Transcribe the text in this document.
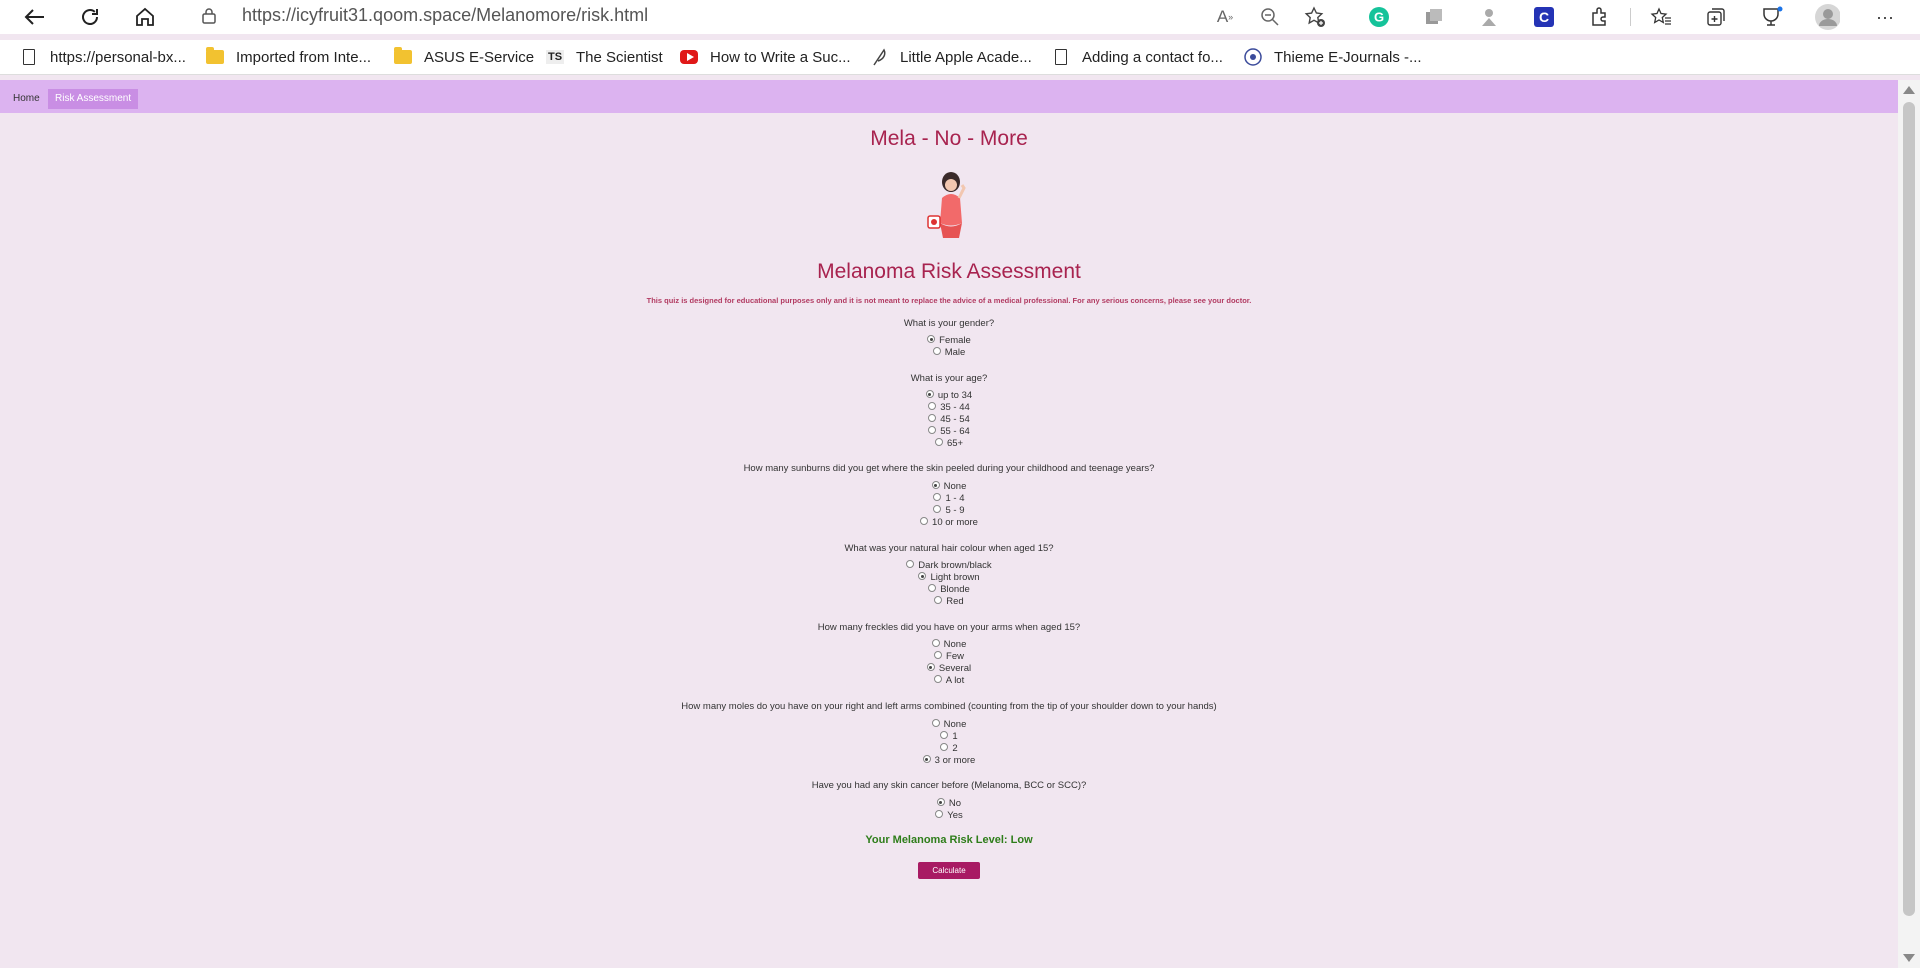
https://icyfruit31.qoom.space/Melanomore/risk.html	A »	G	C	···
https://personal-bx...	Imported from Inte...	ASUS E-Service TS The Scientist	How to Write a Suc...	Little Apple Acade...	Adding a contact fo...	Thieme E-Journals -...
Home	Risk Assessment
Mela - No - More
Melanoma Risk Assessment
This quiz is designed for educational purposes only and it is not meant to replace the advice of a medical professional. For any serious concerns, please see your doctor.
What is your gender?
Female
Male
What is your age?
up to 34
35 - 44
45 - 54
55 - 64
65+
How many sunburns did you get where the skin peeled during your childhood and teenage years?
None
1 - 4
5 - 9
10 or more
What was your natural hair colour when aged 15?
Dark brown/black
Light brown
Blonde
Red
How many freckles did you have on your arms when aged 15?
None
Few
Several
A lot
How many moles do you have on your right and left arms combined (counting from the tip of your shoulder down to your hands)
None
1
2
3 or more
Have you had any skin cancer before (Melanoma, BCC or SCC)?
No
Yes
Your Melanoma Risk Level: Low
Calculate
